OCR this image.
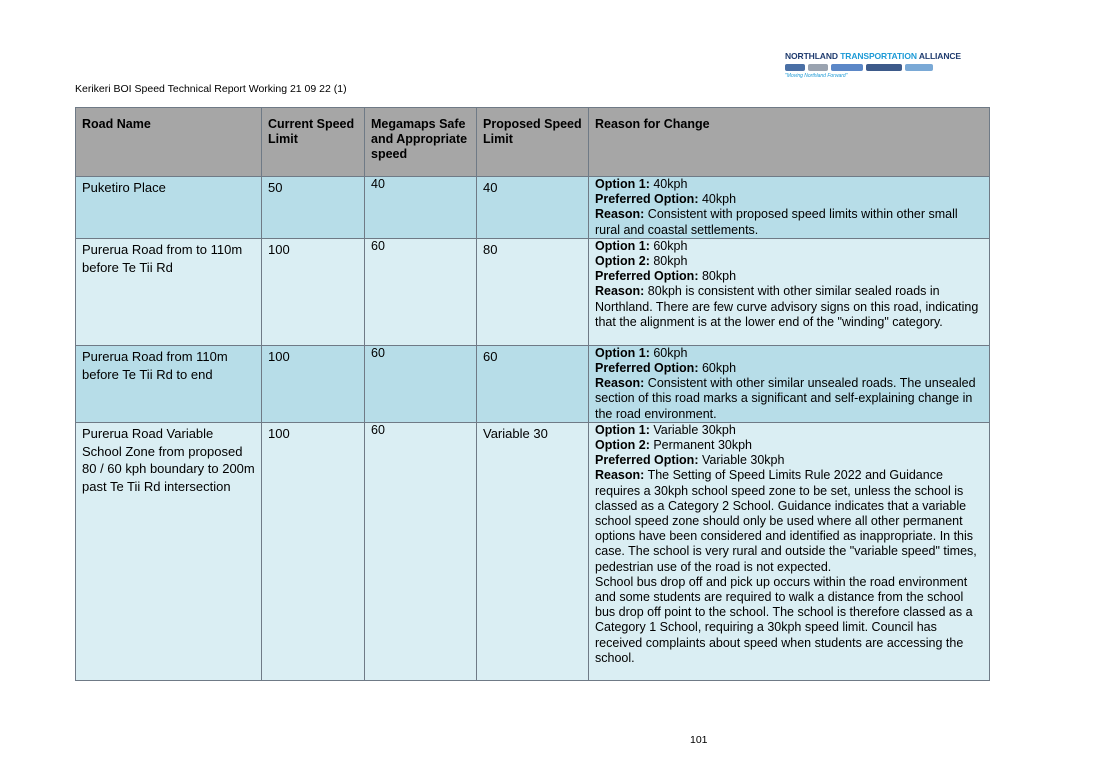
NORTHLAND TRANSPORTATION ALLIANCE
"Moving Northland Forward"
Kerikeri BOI Speed Technical Report Working 21 09 22 (1)
Road Name	Current Speed Limit	Megamaps Safe and Appropriate speed	Proposed Speed Limit	Reason for Change
Puketiro Place	50	40	40	Option 1: 40kph
Preferred Option: 40kph
Reason: Consistent with proposed speed limits within other small rural and coastal settlements.

Purerua Road from to 110m before Te Tii Rd	100	60	80	Option 1: 60kph
Option 2: 80kph
Preferred Option: 80kph
Reason: 80kph is consistent with other similar sealed roads in Northland. There are few curve advisory signs on this road, indicating that the alignment is at the lower end of the "winding" category.

Purerua Road from 110m before Te Tii Rd to end	100	60	60	Option 1: 60kph
Preferred Option: 60kph
Reason: Consistent with other similar unsealed roads. The unsealed section of this road marks a significant and self-explaining change in the road environment.

Purerua Road Variable School Zone from proposed 80 / 60 kph boundary to 200m past Te Tii Rd intersection	100	60	Variable 30	Option 1: Variable 30kph
Option 2: Permanent 30kph
Preferred Option: Variable 30kph
Reason: The Setting of Speed Limits Rule 2022 and Guidance requires a 30kph school speed zone to be set, unless the school is classed as a Category 2 School. Guidance indicates that a variable school speed zone should only be used where all other permanent options have been considered and identified as inappropriate. In this case. The school is very rural and outside the "variable speed" times, pedestrian use of the road is not expected.
School bus drop off and pick up occurs within the road environment and some students are required to walk a distance from the school bus drop off point to the school. The school is therefore classed as a Category 1 School, requiring a 30kph speed limit. Council has received complaints about speed when students are accessing the school.
101
